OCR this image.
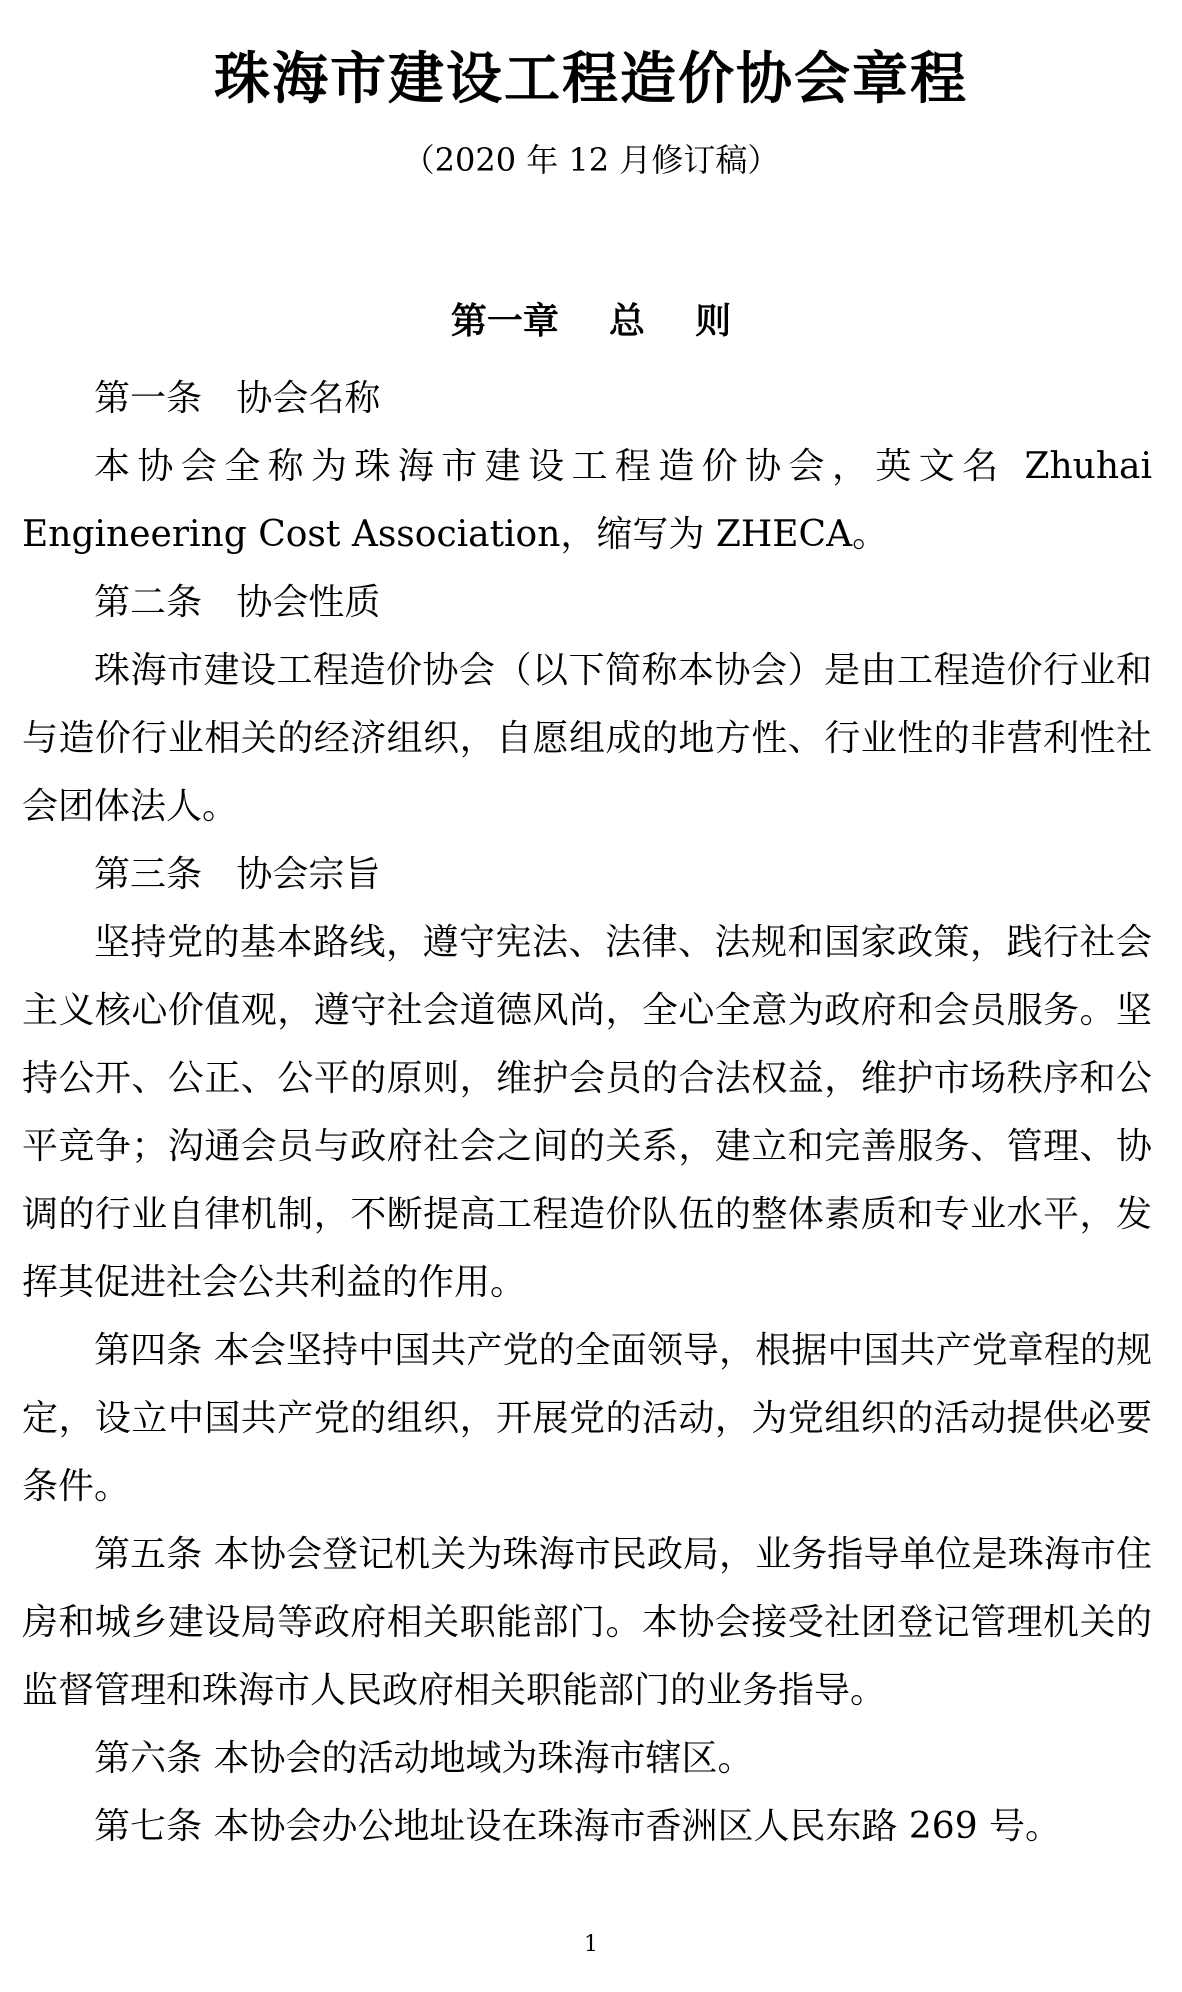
珠海市建设工程造价协会章程
（2020 年 12 月修订稿）
第一章    总    则

第一条   协会名称

本协会全称为珠海市建设工程造价协会，英文名 Zhuhai Engineering Cost Association，缩写为 ZHECA。

第二条   协会性质

珠海市建设工程造价协会（以下简称本协会）是由工程造价行业和与造价行业相关的经济组织，自愿组成的地方性、行业性的非营利性社会团体法人。

第三条   协会宗旨

坚持党的基本路线，遵守宪法、法律、法规和国家政策，践行社会主义核心价值观，遵守社会道德风尚，全心全意为政府和会员服务。坚持公开、公正、公平的原则，维护会员的合法权益，维护市场秩序和公平竞争；沟通会员与政府社会之间的关系，建立和完善服务、管理、协调的行业自律机制，不断提高工程造价队伍的整体素质和专业水平，发挥其促进社会公共利益的作用。

第四条 本会坚持中国共产党的全面领导，根据中国共产党章程的规定，设立中国共产党的组织，开展党的活动，为党组织的活动提供必要条件。

第五条 本协会登记机关为珠海市民政局，业务指导单位是珠海市住房和城乡建设局等政府相关职能部门。本协会接受社团登记管理机关的监督管理和珠海市人民政府相关职能部门的业务指导。

第六条 本协会的活动地域为珠海市辖区。

第七条 本协会办公地址设在珠海市香洲区人民东路 269 号。

1
